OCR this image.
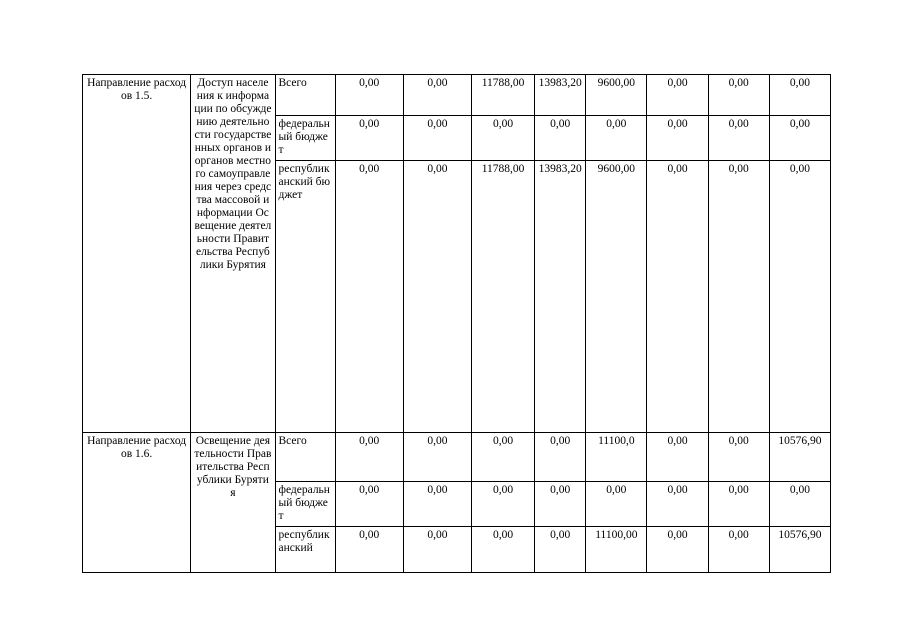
Направление расходов 1.5.	Доступ населения к информации по обсуждению деятельности государственных органов и органов местного самоуправления через средства массовой информации Освещение деятельности Правительства Республики Бурятия	Всего	0,00	0,00	11788,00	13983,20	9600,00	0,00	0,00	0,00
		федеральный бюджет	0,00	0,00	0,00	0,00	0,00	0,00	0,00	0,00
		республиканский бюджет	0,00	0,00	11788,00	13983,20	9600,00	0,00	0,00	0,00
Направление расходов 1.6.	Освещение деятельности Правительства Республики Бурятия	Всего	0,00	0,00	0,00	0,00	11100,0	0,00	0,00	10576,90
		федеральный бюджет	0,00	0,00	0,00	0,00	0,00	0,00	0,00	0,00
		республиканский	0,00	0,00	0,00	0,00	11100,00	0,00	0,00	10576,90
